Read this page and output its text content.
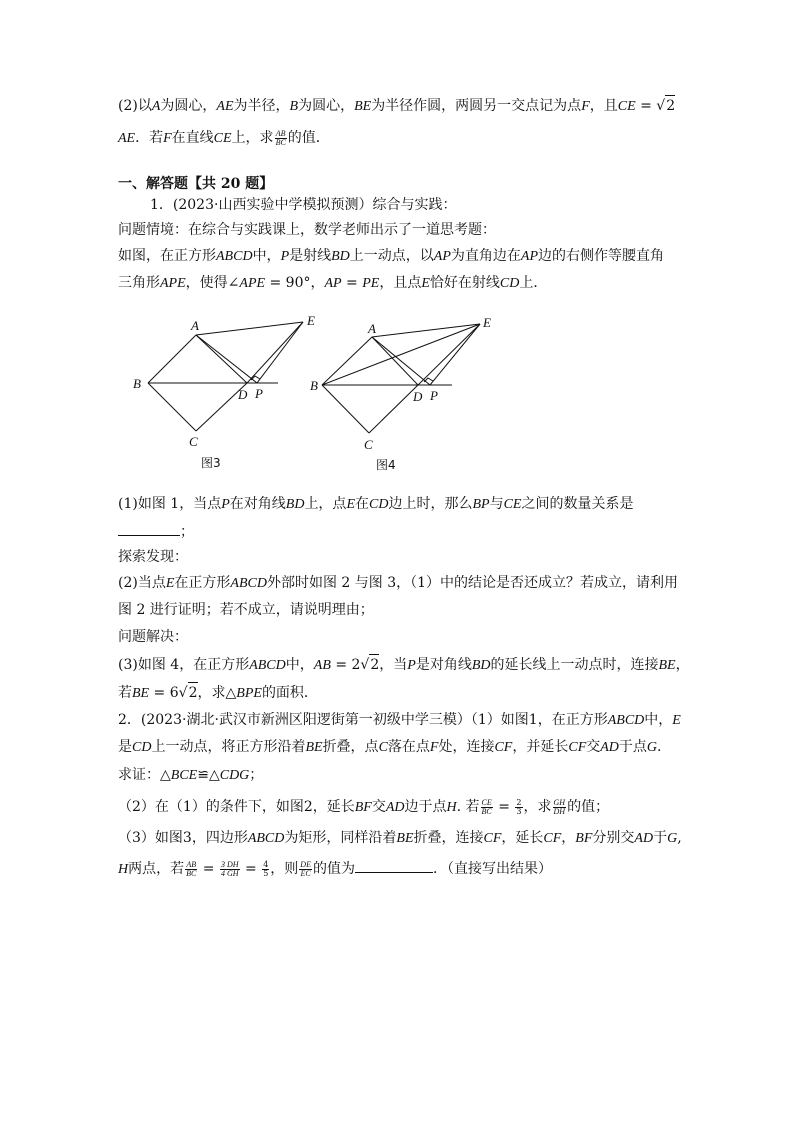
(2)以A为圆心，AE为半径，B为圆心，BE为半径作圆，两圆另一交点记为点F，且CE = √2
AE．若F在直线CE上，求 $\frac{AB}{BC}$ 的值．
一、解答题【共 20 题】
1．(2023·山西实验中学模拟预测）综合与实践：
问题情境：在综合与实践课上，数学老师出示了一道思考题：
如图，在正方形ABCD中，P是射线BD上一动点，以AP为直角边在AP边的右侧作等腰直角
三角形APE，使得∠APE = 90°，AP = PE，且点E恰好在射线CD上．
A
B
C
D P
E
图3
A
B
C
D P
E
图4
(1)如图 1，当点P在对角线BD上，点E在CD边上时，那么BP与CE之间的数量关系是
；
探索发现：
(2)当点E在正方形ABCD外部时如图 2 与图 3，（1）中的结论是否还成立？若成立，请利用
图 2 进行证明；若不成立，请说明理由；
问题解决：
(3)如图 4，在正方形ABCD中，AB = 2√2，当P是对角线BD的延长线上一动点时，连接BE，
若BE = 6√2，求△BPE的面积．
2．(2023·湖北·武汉市新洲区阳逻街第一初级中学三模）（1）如图1，在正方形ABCD中，E
是CD上一动点，将正方形沿着BE折叠，点C落在点F处，连接CF，并延长CF交AD于点G.
求证：△BCE≌△CDG；
（2）在（1）的条件下，如图2，延长BF交AD边于点H. 若 $\frac{CE}{BC} = \frac{2}{3}$ ，求 $\frac{GH}{DH}$ 的值；
（3）如图3，四边形ABCD为矩形，同样沿着BE折叠，连接CF，延长CF，BF分别交AD于G,
H两点，若 $\frac{AB}{BC} = \frac{3 DH}{4 GH} = \frac{4}{5}$ ，则 $\frac{DE}{EC}$ 的值为	．（直接写出结果）
